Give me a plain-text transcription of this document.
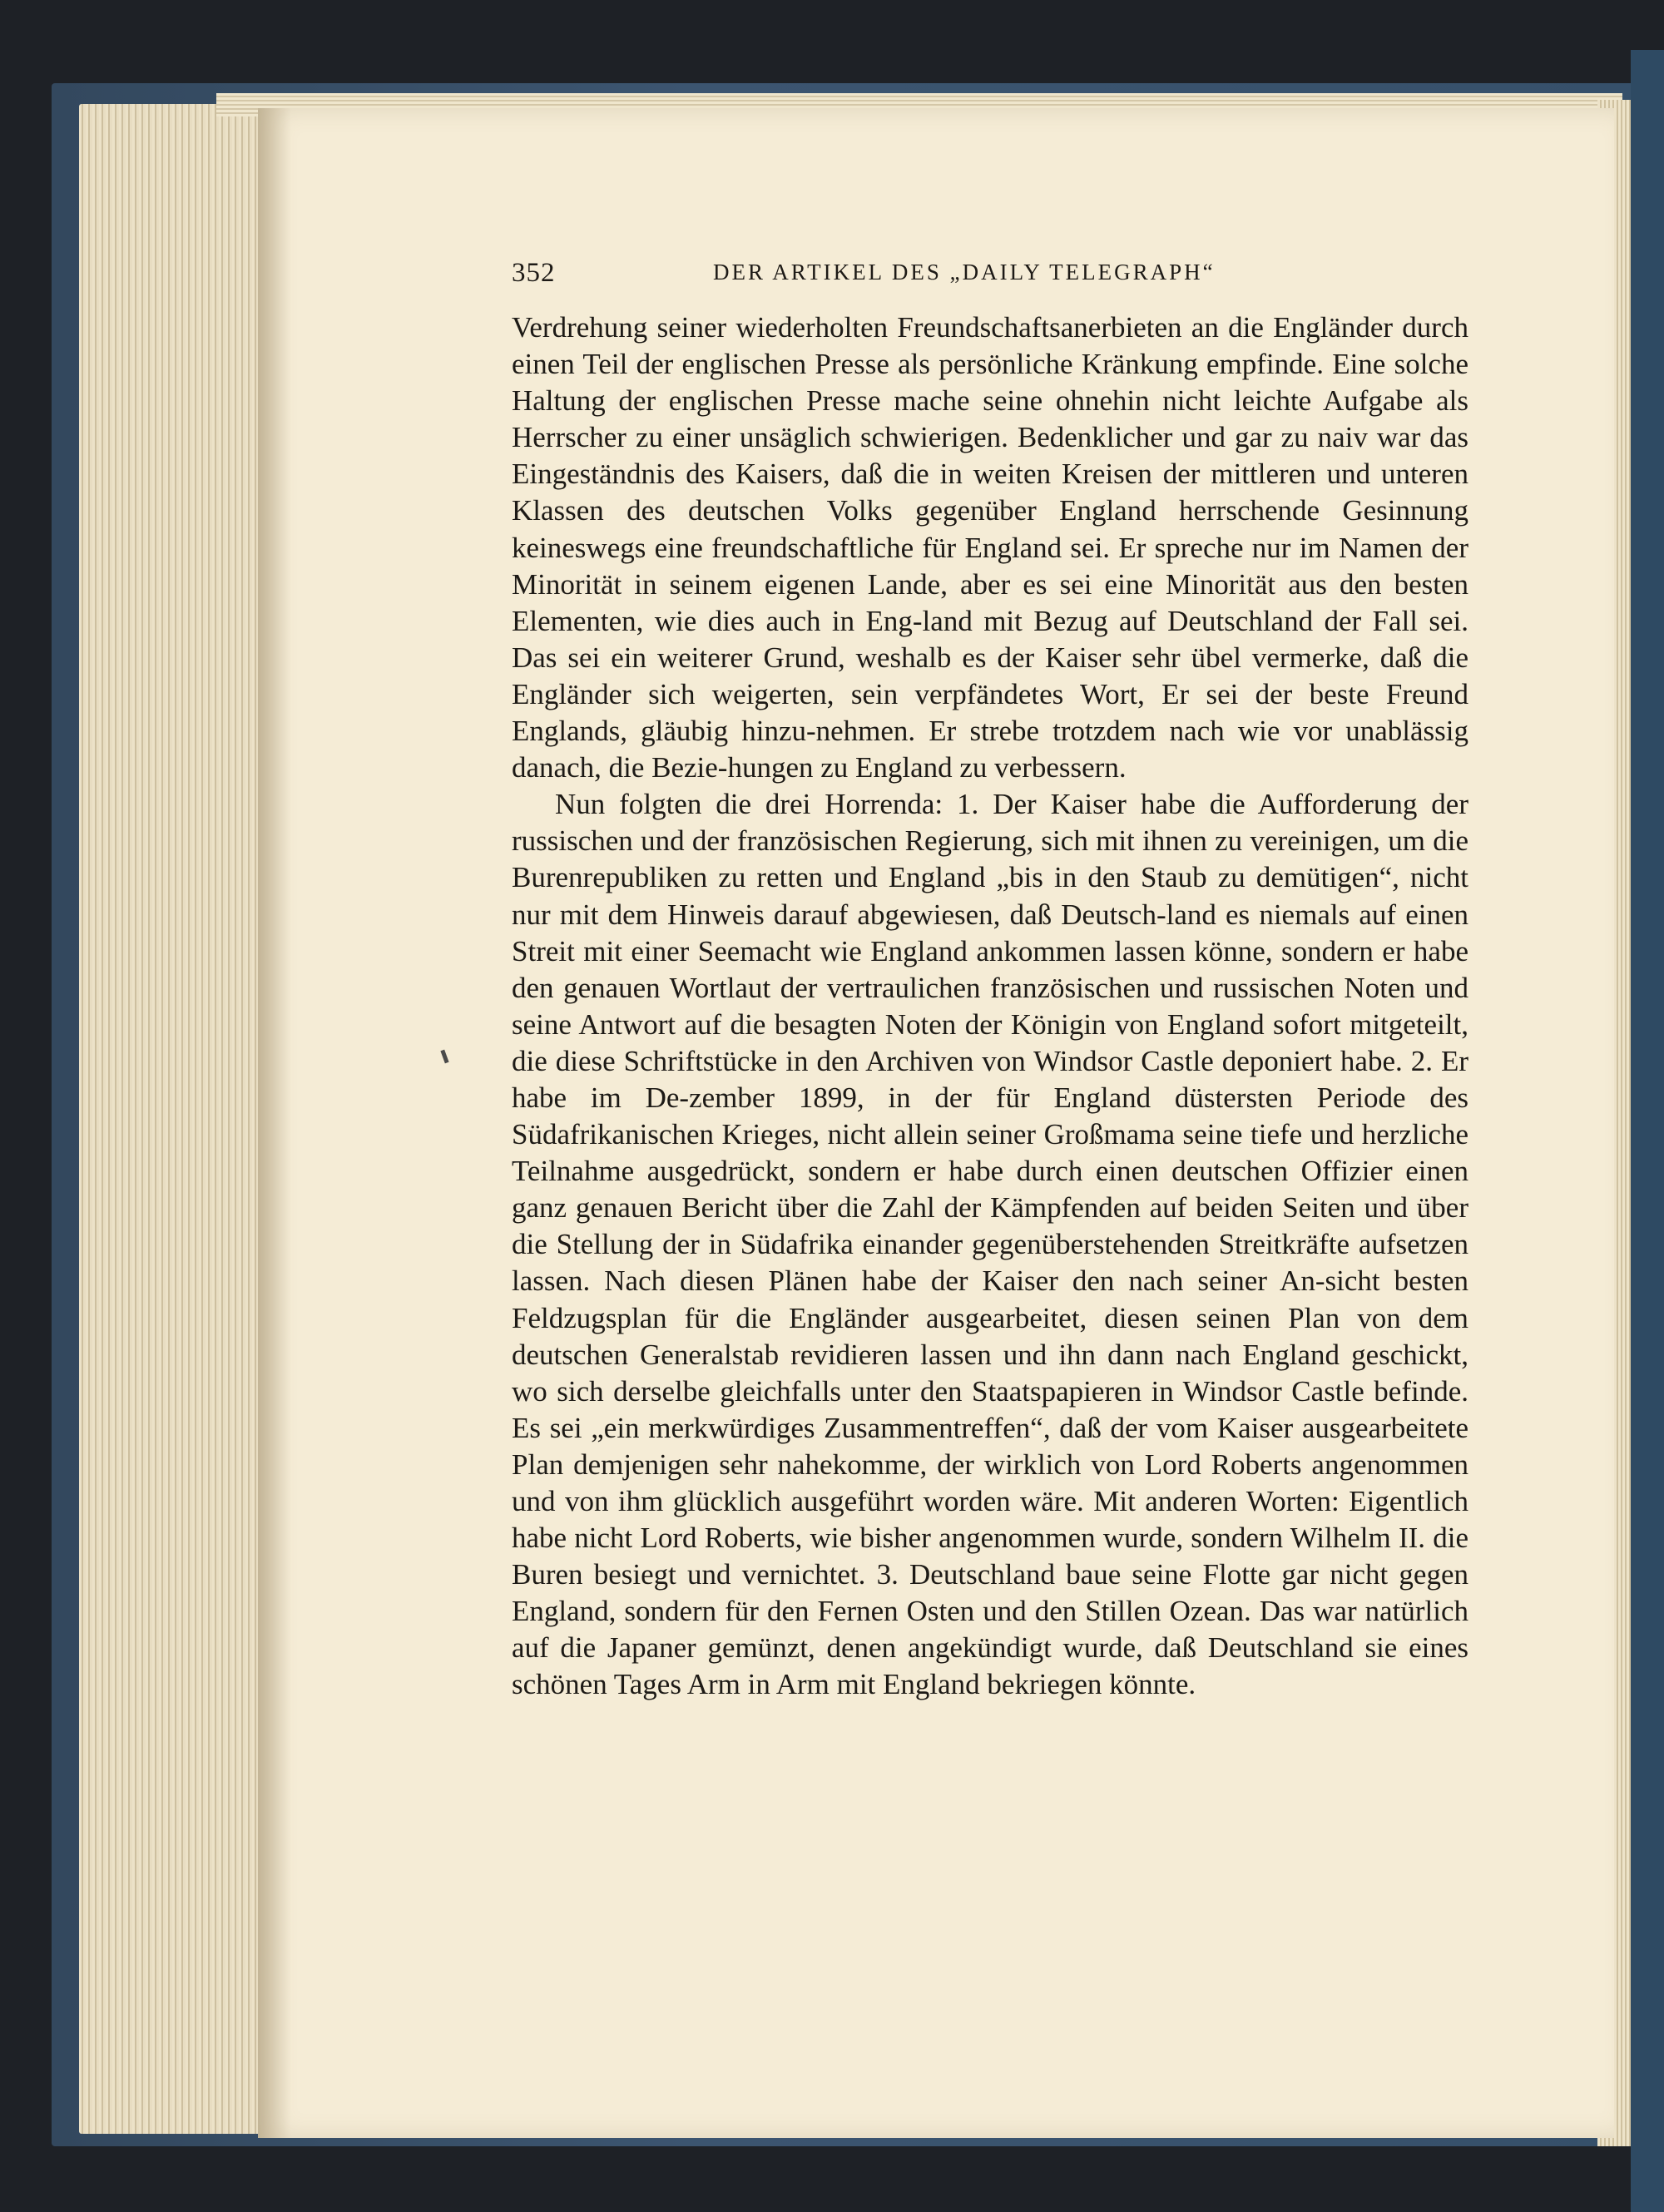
352	DER ARTIKEL DES „DAILY TELEGRAPH“

Verdrehung seiner wiederholten Freundschaftsanerbieten an die Engländer durch einen Teil der englischen Presse als persönliche Kränkung empfinde. Eine solche Haltung der englischen Presse mache seine ohnehin nicht leichte Aufgabe als Herrscher zu einer unsäglich schwierigen. Bedenklicher und gar zu naiv war das Eingeständnis des Kaisers, daß die in weiten Kreisen der mittleren und unteren Klassen des deutschen Volks gegenüber England herrschende Gesinnung keineswegs eine freundschaftliche für England sei. Er spreche nur im Namen der Minorität in seinem eigenen Lande, aber es sei eine Minorität aus den besten Elementen, wie dies auch in Eng-land mit Bezug auf Deutschland der Fall sei. Das sei ein weiterer Grund, weshalb es der Kaiser sehr übel vermerke, daß die Engländer sich weigerten, sein verpfändetes Wort, Er sei der beste Freund Englands, gläubig hinzu-nehmen. Er strebe trotzdem nach wie vor unablässig danach, die Bezie-hungen zu England zu verbessern.

Nun folgten die drei Horrenda: 1. Der Kaiser habe die Aufforderung der russischen und der französischen Regierung, sich mit ihnen zu vereinigen, um die Burenrepubliken zu retten und England „bis in den Staub zu demütigen“, nicht nur mit dem Hinweis darauf abgewiesen, daß Deutsch-land es niemals auf einen Streit mit einer Seemacht wie England ankommen lassen könne, sondern er habe den genauen Wortlaut der vertraulichen französischen und russischen Noten und seine Antwort auf die besagten Noten der Königin von England sofort mitgeteilt, die diese Schriftstücke in den Archiven von Windsor Castle deponiert habe. 2. Er habe im De-zember 1899, in der für England düstersten Periode des Südafrikanischen Krieges, nicht allein seiner Großmama seine tiefe und herzliche Teilnahme ausgedrückt, sondern er habe durch einen deutschen Offizier einen ganz genauen Bericht über die Zahl der Kämpfenden auf beiden Seiten und über die Stellung der in Südafrika einander gegenüberstehenden Streitkräfte aufsetzen lassen. Nach diesen Plänen habe der Kaiser den nach seiner An-sicht besten Feldzugsplan für die Engländer ausgearbeitet, diesen seinen Plan von dem deutschen Generalstab revidieren lassen und ihn dann nach England geschickt, wo sich derselbe gleichfalls unter den Staatspapieren in Windsor Castle befinde. Es sei „ein merkwürdiges Zusammentreffen“, daß der vom Kaiser ausgearbeitete Plan demjenigen sehr nahekomme, der wirklich von Lord Roberts angenommen und von ihm glücklich ausgeführt worden wäre. Mit anderen Worten: Eigentlich habe nicht Lord Roberts, wie bisher angenommen wurde, sondern Wilhelm II. die Buren besiegt und vernichtet. 3. Deutschland baue seine Flotte gar nicht gegen England, sondern für den Fernen Osten und den Stillen Ozean. Das war natürlich auf die Japaner gemünzt, denen angekündigt wurde, daß Deutschland sie eines schönen Tages Arm in Arm mit England bekriegen könnte.
